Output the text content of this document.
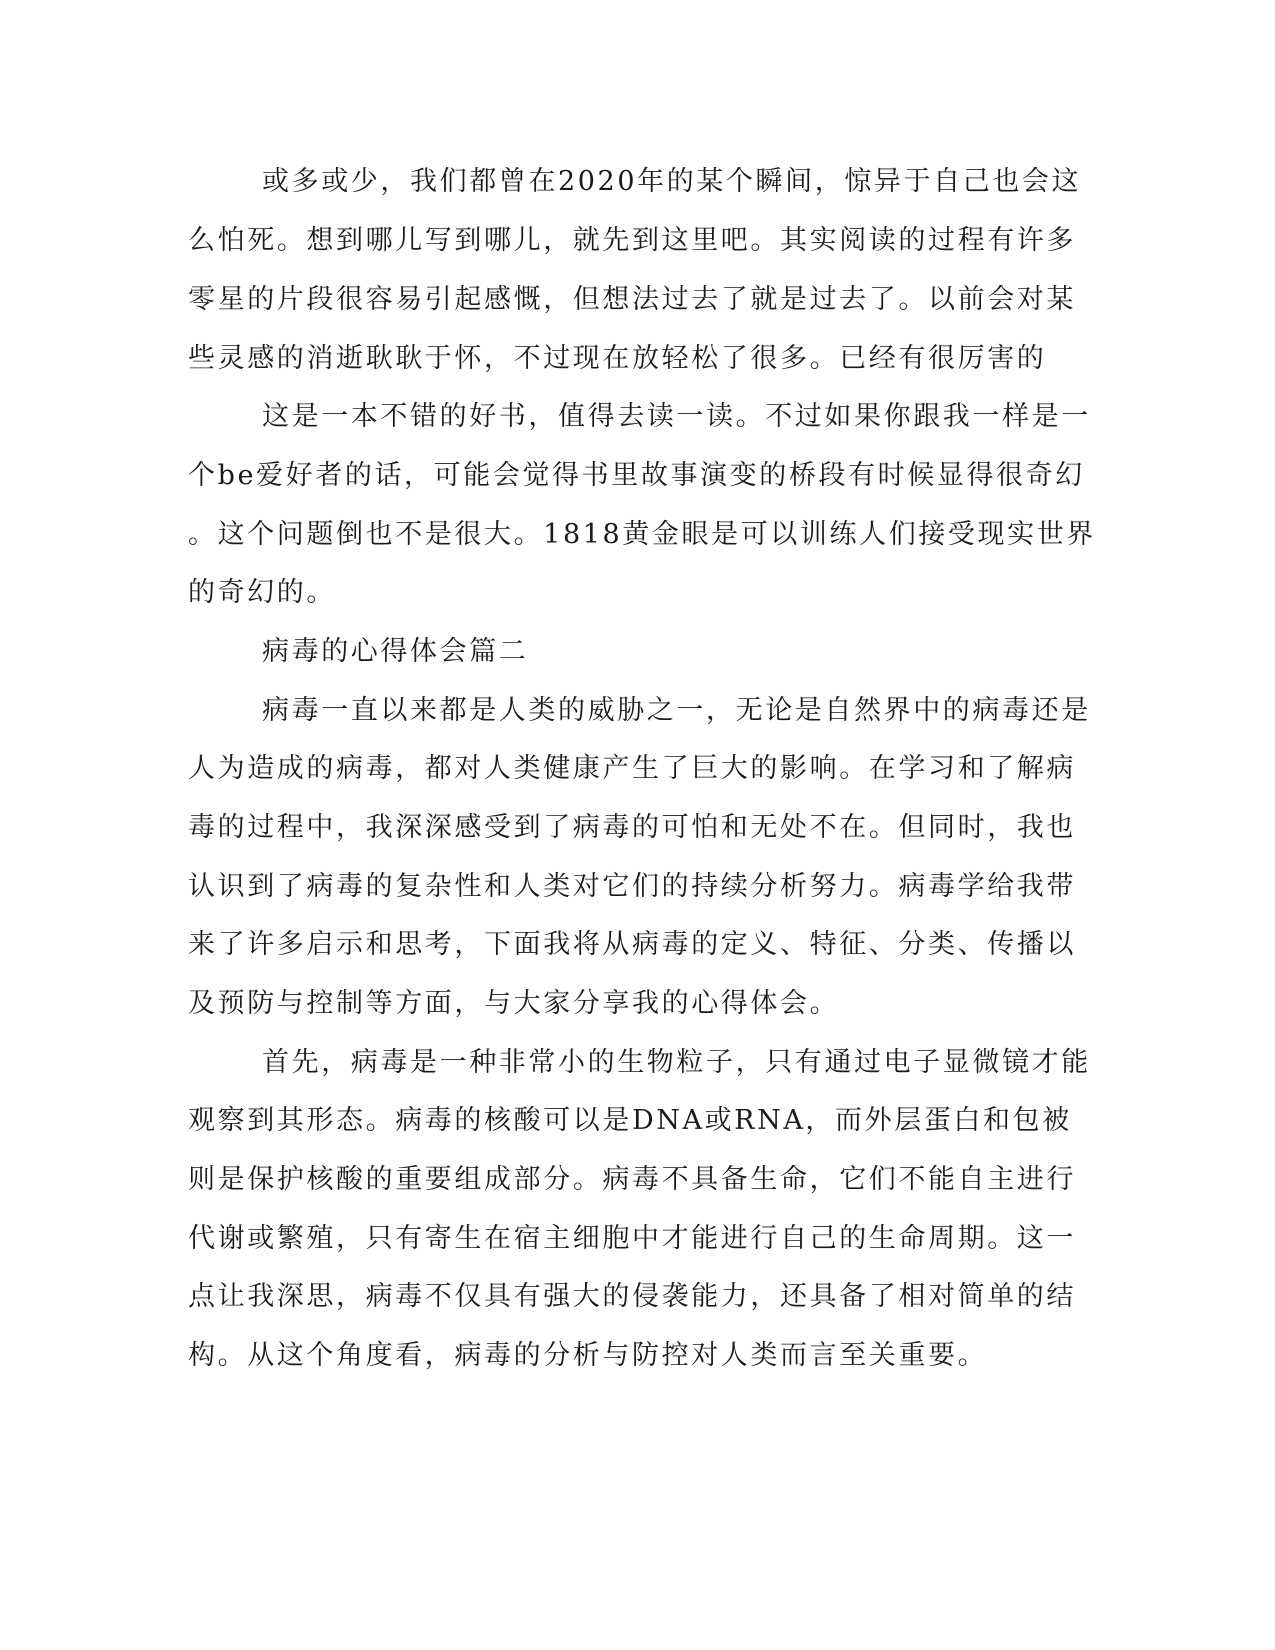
或多或少，我们都曾在2020年的某个瞬间，惊异于自己也会这

么怕死。想到哪儿写到哪儿，就先到这里吧。其实阅读的过程有许多

零星的片段很容易引起感慨，但想法过去了就是过去了。以前会对某

些灵感的消逝耿耿于怀，不过现在放轻松了很多。已经有很厉害的

这是一本不错的好书，值得去读一读。不过如果你跟我一样是一

个be爱好者的话，可能会觉得书里故事演变的桥段有时候显得很奇幻

。这个问题倒也不是很大。1818黄金眼是可以训练人们接受现实世界

的奇幻的。

病毒的心得体会篇二

病毒一直以来都是人类的威胁之一，无论是自然界中的病毒还是

人为造成的病毒，都对人类健康产生了巨大的影响。在学习和了解病

毒的过程中，我深深感受到了病毒的可怕和无处不在。但同时，我也

认识到了病毒的复杂性和人类对它们的持续分析努力。病毒学给我带

来了许多启示和思考，下面我将从病毒的定义、特征、分类、传播以

及预防与控制等方面，与大家分享我的心得体会。

首先，病毒是一种非常小的生物粒子，只有通过电子显微镜才能

观察到其形态。病毒的核酸可以是DNA或RNA，而外层蛋白和包被

则是保护核酸的重要组成部分。病毒不具备生命，它们不能自主进行

代谢或繁殖，只有寄生在宿主细胞中才能进行自己的生命周期。这一

点让我深思，病毒不仅具有强大的侵袭能力，还具备了相对简单的结

构。从这个角度看，病毒的分析与防控对人类而言至关重要。
